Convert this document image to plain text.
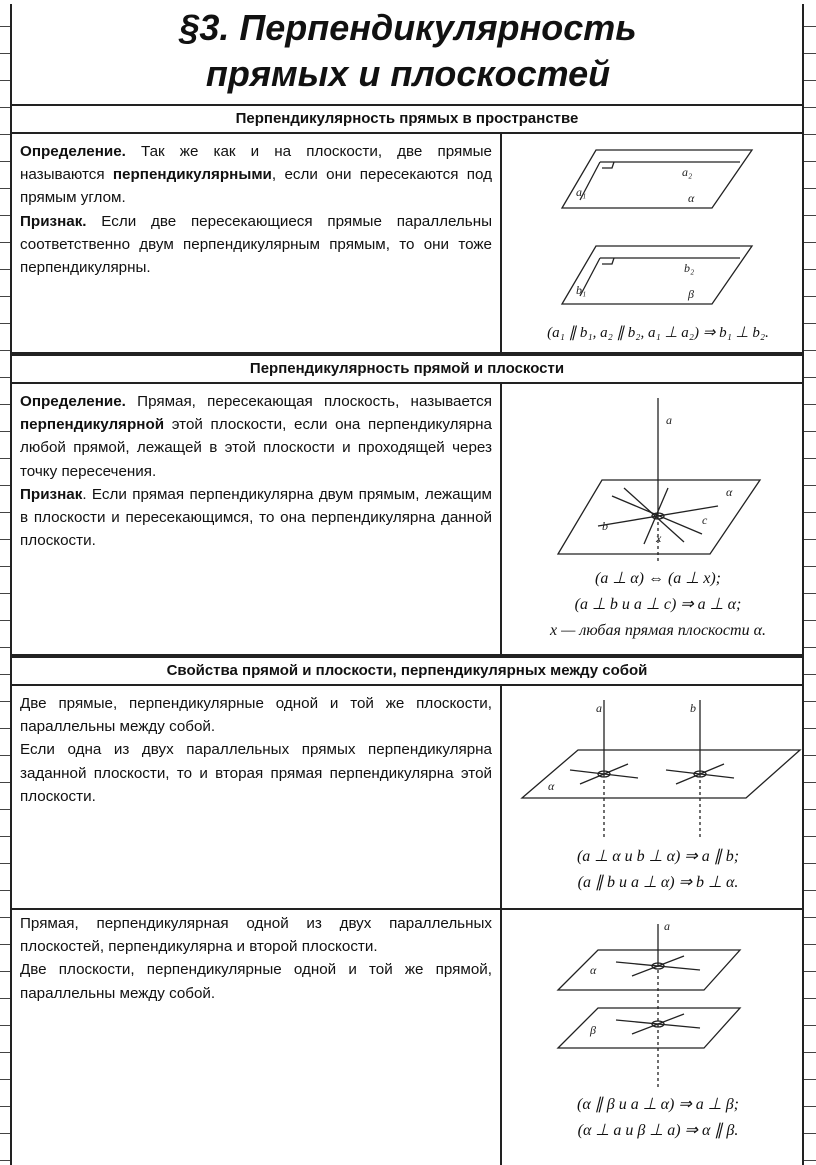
§3. Перпендикулярность
прямых и плоскостей
Перпендикулярность прямых в пространстве

Определение. Так же как и на плоскости, две прямые называются перпендикулярными, если они пересекаются под прямым углом.

Признак. Если две пересекающиеся прямые параллельны соответственно двум перпендикулярным прямым, то они тоже перпендикулярны.

a₁
a₂
α
b₁
b₂
β
(a₁ ∥ b₁, a₂ ∥ b₂, a₁ ⊥ a₂) ⇒ b₁ ⊥ b₂.
Перпендикулярность прямой и плоскости

Определение. Прямая, пересекающая плоскость, называется перпендикулярной этой плоскости, если она перпендикулярна любой прямой, лежащей в этой плоскости и проходящей через точку пересечения.

Признак. Если прямая перпендикулярна двум прямым, лежащим в плоскости и пересекающимся, то она перпендикулярна данной плоскости.

a
α
b	c
x
(a ⊥ α) ⇔ (a ⊥ x);
(a ⊥ b и a ⊥ c) ⇒ a ⊥ α;
x — любая прямая плоскости α.
Свойства прямой и плоскости, перпендикулярных между собой

Две прямые, перпендикулярные одной и той же плоскости, параллельны между собой.

Если одна из двух параллельных прямых перпендикулярна заданной плоскости, то и вторая прямая перпендикулярна этой плоскости.

a	b
α
(a ⊥ α и b ⊥ α) ⇒ a ∥ b;
(a ∥ b и a ⊥ α) ⇒ b ⊥ α.

Прямая, перпендикулярная одной из двух параллельных плоскостей, перпендикулярна и второй плоскости.

Две плоскости, перпендикулярные одной и той же прямой, параллельны между собой.

a
α
β
(α ∥ β и a ⊥ α) ⇒ a ⊥ β;
(α ⊥ a и β ⊥ a) ⇒ α ∥ β.
